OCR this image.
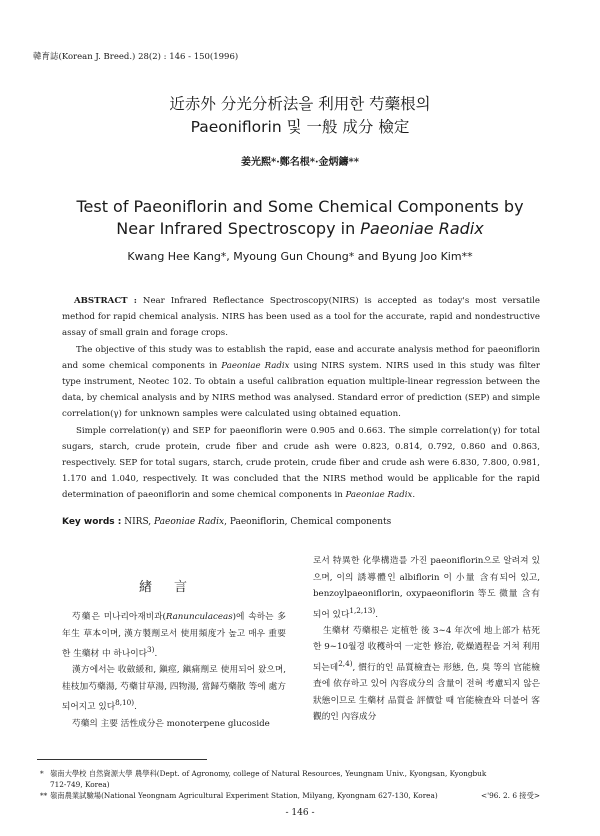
韓育誌(Korean J. Breed.) 28(2) : 146 - 150(1996)
近赤外 分光分析法을 利用한 芍藥根의
Paeoniflorin 및 一般 成分 檢定
姜光熙*·鄭名根*·金炳鑄**
Test of Paeoniflorin and Some Chemical Components by
Near Infrared Spectroscopy in Paeoniae Radix
Kwang Hee Kang*, Myoung Gun Choung* and Byung Joo Kim**

ABSTRACT : Near Infrared Reflectance Spectroscopy(NIRS) is accepted as today's most versatile method for rapid chemical analysis. NIRS has been used as a tool for the accurate, rapid and nondestructive assay of small grain and forage crops.

The objective of this study was to establish the rapid, ease and accurate analysis method for paeoniflorin and some chemical components in Paeoniae Radix using NIRS system. NIRS used in this study was filter type instrument, Neotec 102. To obtain a useful calibration equation multiple-linear regression between the data, by chemical analysis and by NIRS method was analysed. Standard error of prediction (SEP) and simple correlation(γ) for unknown samples were calculated using obtained equation.

Simple correlation(γ) and SEP for paeoniflorin were 0.905 and 0.663. The simple correlation(γ) for total sugars, starch, crude protein, crude fiber and crude ash were 0.823, 0.814, 0.792, 0.860 and 0.863, respectively. SEP for total sugars, starch, crude protein, crude fiber and crude ash were 6.830, 7.800, 0.981, 1.170 and 1.040, respectively. It was concluded that the NIRS method would be applicable for the rapid determination of paeoniflorin and some chemical components in Paeoniae Radix.

Key words : NIRS, Paeoniae Radix, Paeoniflorin, Chemical components
緖言

芍藥은 미나리아재비과(Ranunculaceas)에 속하는 多年生 草本이며, 漢方製劑로서 使用頻度가 높고 매우 重要한 生藥材 中 하나이다$^{3)}$.

漢方에서는 收斂緩和, 鎭痙, 鎭痛劑로 使用되어 왔으며, 桂枝加芍藥湯, 芍藥甘草湯, 四物湯, 當歸芍藥散 等에 處方 되어지고 있다$^{8,10)}$.

芍藥의 主要 活性成分은 monoterpene glucoside

로서 特異한 化學構造를 가진 paeoniflorin으로 알려져 있으며, 이의 誘導體인 albiflorin 이 小量 含有되어 있고, benzoylpaeoniflorin, oxypaeoniflorin 等도 微量 含有되어 있다$^{1,2,13)}$.

生藥材 芍藥根은 定植한 後 3∼4 年次에 地上部가 枯死한 9∼10월경 收穫하여 一定한 修治, 乾燥過程을 거쳐 利用되는데$^{2,4)}$, 慣行的인 品質檢査는 形態, 色, 臭 等의 官能檢査에 依存하고 있어 內容成分의 含量이 전혀 考慮되지 않은 狀態이므로 生藥材 品質을 評價할 때 官能檢査와 더불어 客觀的인 內容成分

* 嶺南大學校 自然資源大學 農學科(Dept. of Agronomy, college of Natural Resources, Yeungnam Univ., Kyongsan, Kyongbuk
712-749, Korea)
** 嶺南農業試驗場(National Yeongnam Agricultural Experiment Station, Milyang, Kyongnam 627-130, Korea)	<'96. 2. 6 接受>
- 146 -
